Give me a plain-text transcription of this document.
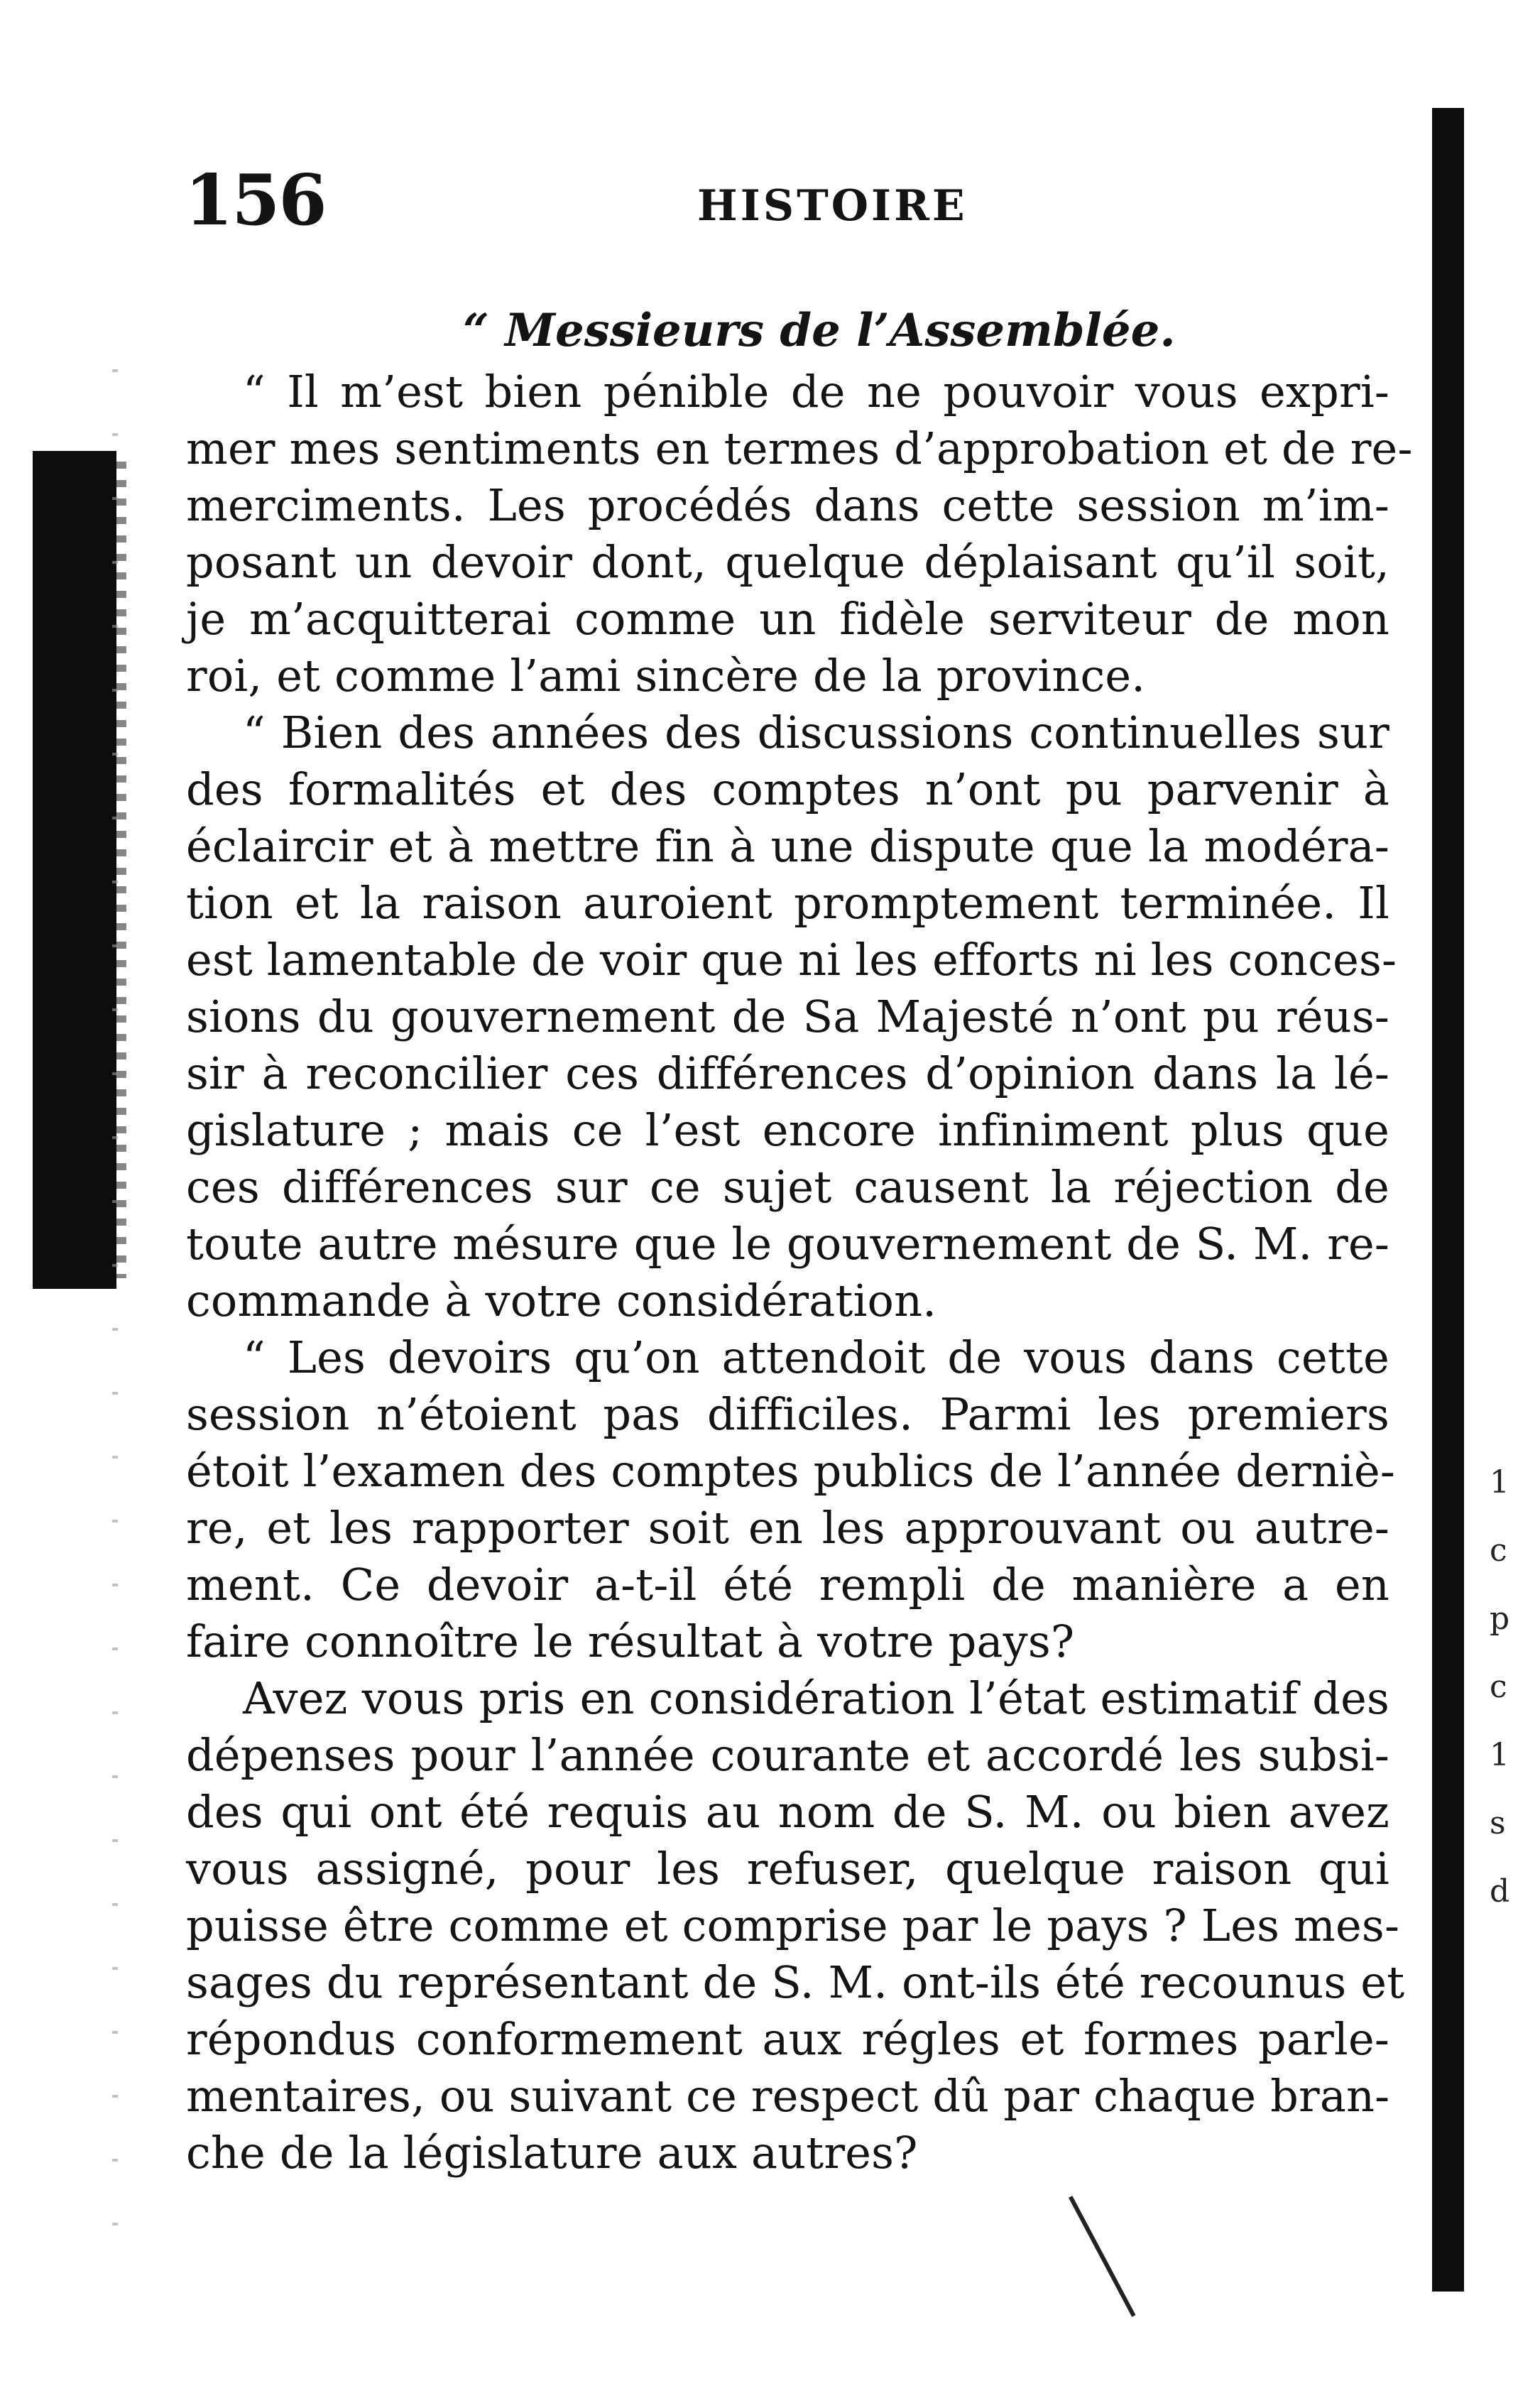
1
c
p
c
1
s
d
156	HISTOIRE
“ Messieurs de l’Assemblée.
“ Il m’est bien pénible de ne pouvoir vous expri-
mer mes sentiments en termes d’approbation et de re-
merciments. Les procédés dans cette session m’im-
posant un devoir dont, quelque déplaisant qu’il soit,
je m’acquitterai comme un fidèle serviteur de mon
roi, et comme l’ami sincère de la province.
“ Bien des années des discussions continuelles sur
des formalités et des comptes n’ont pu parvenir à
éclaircir et à mettre fin à une dispute que la modéra-
tion et la raison auroient promptement terminée. Il
est lamentable de voir que ni les efforts ni les conces-
sions du gouvernement de Sa Majesté n’ont pu réus-
sir à reconcilier ces différences d’opinion dans la lé-
gislature ; mais ce l’est encore infiniment plus que
ces différences sur ce sujet causent la réjection de
toute autre mésure que le gouvernement de S. M. re-
commande à votre considération.
“ Les devoirs qu’on attendoit de vous dans cette
session n’étoient pas difficiles. Parmi les premiers
étoit l’examen des comptes publics de l’année derniè-
re, et les rapporter soit en les approuvant ou autre-
ment. Ce devoir a-t-il été rempli de manière a en
faire connoître le résultat à votre pays?
Avez vous pris en considération l’état estimatif des
dépenses pour l’année courante et accordé les subsi-
des qui ont été requis au nom de S. M. ou bien avez
vous assigné, pour les refuser, quelque raison qui
puisse être comme et comprise par le pays ? Les mes-
sages du représentant de S. M. ont-ils été recounus et
répondus conformement aux régles et formes parle-
mentaires, ou suivant ce respect dû par chaque bran-
che de la législature aux autres?
